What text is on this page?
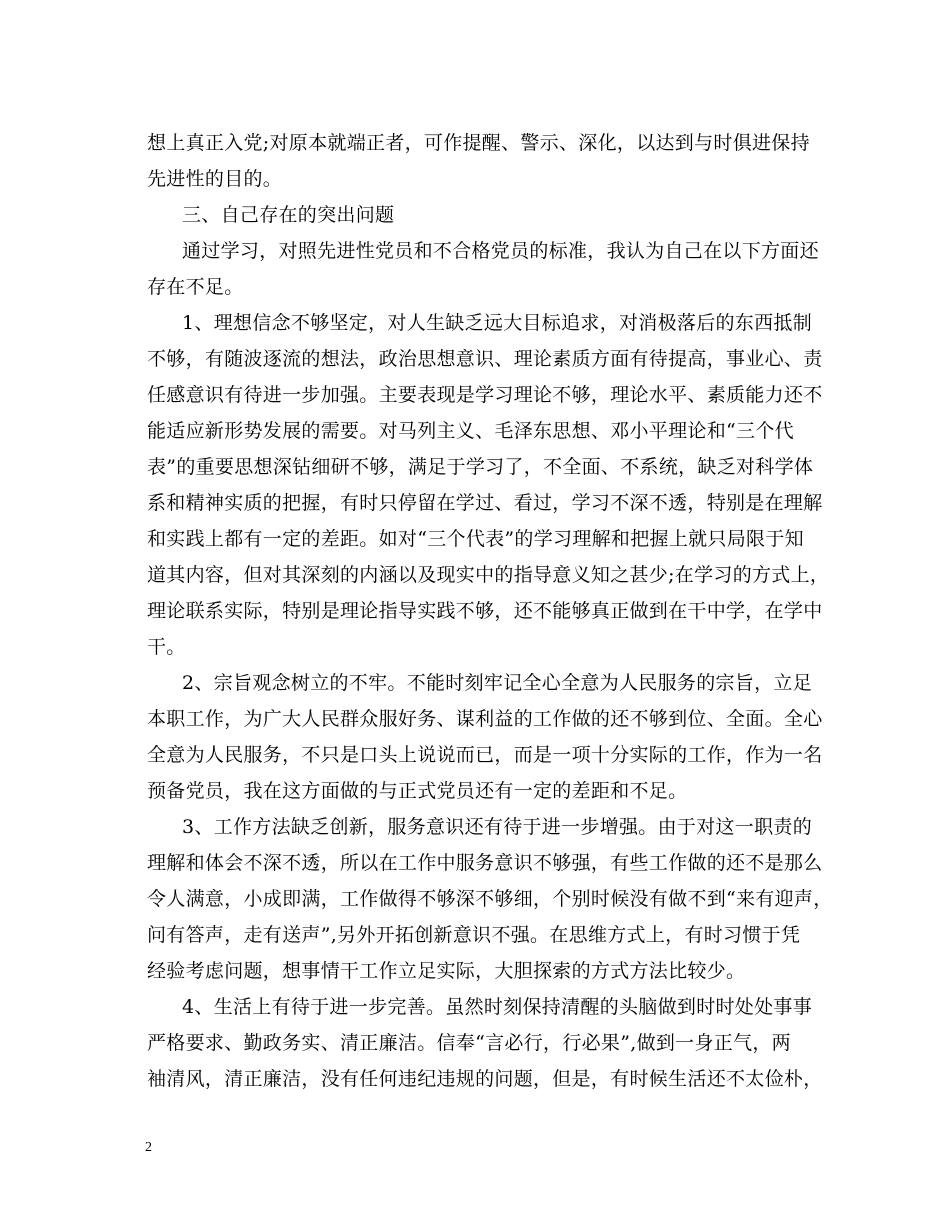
想上真正入党;对原本就端正者，可作提醒、警示、深化，以达到与时俱进保持
先进性的目的。
三、自己存在的突出问题
通过学习，对照先进性党员和不合格党员的标准，我认为自己在以下方面还
存在不足。
1、理想信念不够坚定，对人生缺乏远大目标追求，对消极落后的东西抵制
不够，有随波逐流的想法，政治思想意识、理论素质方面有待提高，事业心、责
任感意识有待进一步加强。主要表现是学习理论不够，理论水平、素质能力还不
能适应新形势发展的需要。对马列主义、毛泽东思想、邓小平理论和“三个代
表”的重要思想深钻细研不够，满足于学习了，不全面、不系统，缺乏对科学体
系和精神实质的把握，有时只停留在学过、看过，学习不深不透，特别是在理解
和实践上都有一定的差距。如对“三个代表”的学习理解和把握上就只局限于知
道其内容，但对其深刻的内涵以及现实中的指导意义知之甚少;在学习的方式上，
理论联系实际，特别是理论指导实践不够，还不能够真正做到在干中学，在学中
干。
2、宗旨观念树立的不牢。不能时刻牢记全心全意为人民服务的宗旨，立足
本职工作，为广大人民群众服好务、谋利益的工作做的还不够到位、全面。全心
全意为人民服务，不只是口头上说说而已，而是一项十分实际的工作，作为一名
预备党员，我在这方面做的与正式党员还有一定的差距和不足。
3、工作方法缺乏创新，服务意识还有待于进一步增强。由于对这一职责的
理解和体会不深不透，所以在工作中服务意识不够强，有些工作做的还不是那么
令人满意，小成即满，工作做得不够深不够细，个别时候没有做不到“来有迎声，
问有答声，走有送声”,另外开拓创新意识不强。在思维方式上，有时习惯于凭
经验考虑问题，想事情干工作立足实际，大胆探索的方式方法比较少。
4、生活上有待于进一步完善。虽然时刻保持清醒的头脑做到时时处处事事
严格要求、勤政务实、清正廉洁。信奉“言必行，行必果”,做到一身正气，两
袖清风，清正廉洁，没有任何违纪违规的问题，但是，有时候生活还不太俭朴，
2
